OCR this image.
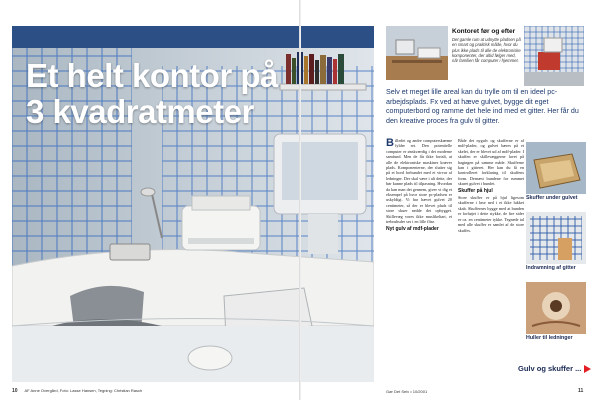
Et helt kontor på 3 kvadratmeter
10 AF Anne Overgård, Foto: Lasse Hansen, Tegning: Christian Rasch
Kontoret før og efter

Det gamle rum at udnytte pladsen på en smart og praktisk måde, hvor du plus ikke plads til alle de elektroniske komponenter, der altid følger med, når familien får computer i hjemmet.

Selv et meget lille areal kan du trylle om til en ideel pc-arbejdsplads. Fx ved at hæve gulvet, bygge dit eget computerbord og ramme det hele ind med et gitter. Her får du den kreative proces fra gulv til gitter.

Billedet og andre computerskærme fylder ret. Den potentielle computer er ønskværdig i det moderne samfund. Men de får ikke fortalt, at alle de elektroniske maskiner kræver plads. Komponenterne, der slutter sig på et bord forbundet med et virvar af ledninger. Der skal være i alt dette, der bør kunne plads til tilpasning. Hvordan da kan man det gennem, giver vi dig et eksempel på hvor store pc-pladsen er uskyldigt. Vi har hævet gulvet 20 centimeter, så der er blevet plads til store skuer nedde det opbygget. Skillevæg vores ikke muslikeltart, et trebruhsder ses i en lille flise.

Nyt gulv af mdf-plader

Både det nygulv og skufferne er af mdf-plader, og gulvet bæres på et skelet, der er blevet ud af mdf-plader. I skuffen er skillevæggerne lavet på bagingen på samme måde. Skufferne kan i gitteret. Her kan du få en kontrolleret forklaring til skuffens form. Dernæst bundene for rummet skuret gulvet i bundet.

Skuffer på hjul

Store skuffer er på hjul ligesom skufferne i løse ned i et ikke lukket skab. Skuffernes bygge med at bunden er forhøjet i dette stykke, de fire sider er ca. en centimeter tykke. Tegnede tal med alle skuffer er samlet af de store skuffes.

Skuffer under gulvet

Indramning af gitter

Huller til ledninger

Gulv og skuffer ...
Gør Det Selv • 10/2001	11
